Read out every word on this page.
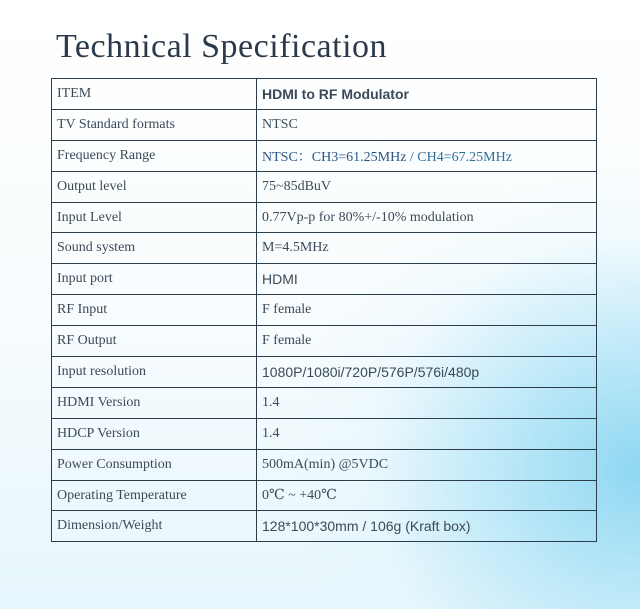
Technical Specification
ITEM	HDMI to RF Modulator
TV Standard formats	NTSC
Frequency Range	NTSC：CH3=61.25MHz / CH4=67.25MHz
Output level	75~85dBuV
Input Level	0.77Vp-p for 80%+/-10% modulation
Sound system	M=4.5MHz
Input port	HDMI
RF Input	F female
RF Output	F female
Input resolution	1080P/1080i/720P/576P/576i/480p
HDMI Version	1.4
HDCP Version	1.4
Power Consumption	500mA(min) @5VDC
Operating Temperature	0℃ ~ +40℃
Dimension/Weight	128*100*30mm / 106g (Kraft box)
